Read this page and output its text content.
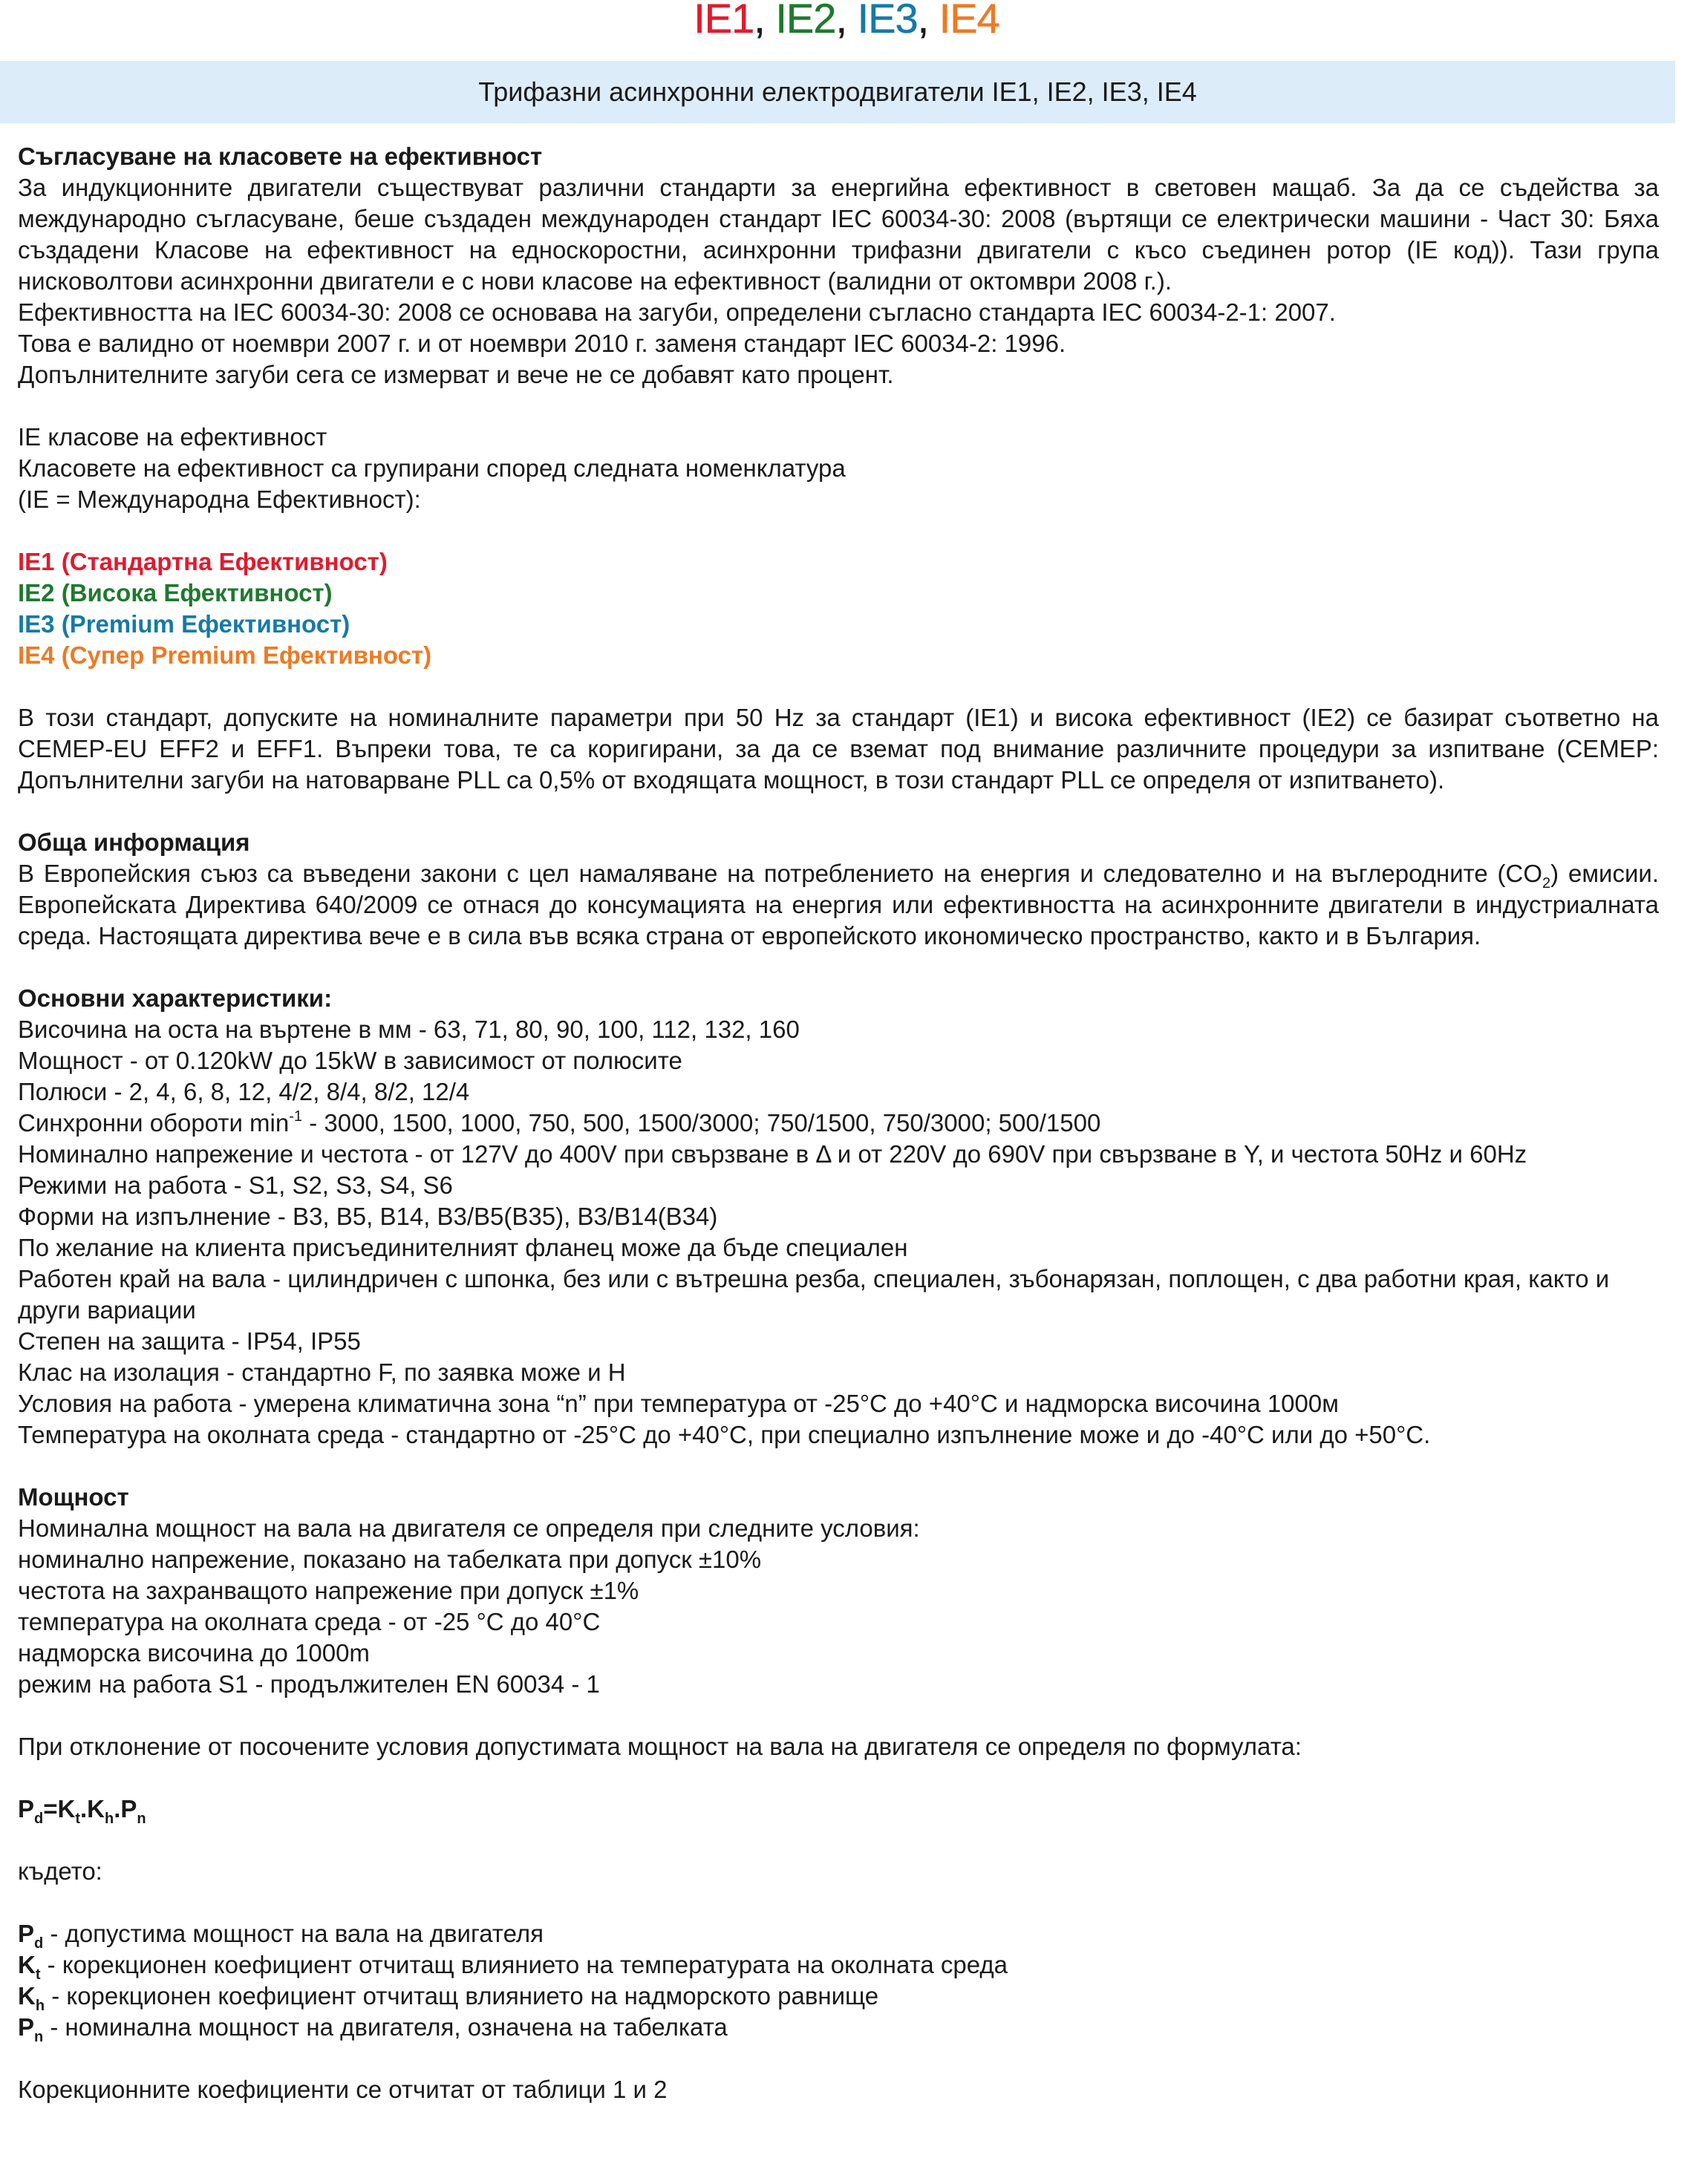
IE1, IE2, IE3, IE4
Трифазни асинхронни електродвигатели IE1, IE2, IE3, IE4

Съгласуване на класовете на ефективност

За индукционните двигатели съществуват различни стандарти за енергийна ефективност в световен мащаб. За да се съдейства за международно съгласуване, беше създаден международен стандарт IEC 60034-30: 2008 (въртящи се електрически машини - Част 30: Бяха създадени Класове на ефективност на едноскоростни, асинхронни трифазни двигатели с късо съединен ротор (IE код)). Тази група нисковолтови асинхронни двигатели е с нови класове на ефективност (валидни от октомври 2008 г.).

Ефективността на IEC 60034-30: 2008 се основава на загуби, определени съгласно стандарта IEC 60034-2-1: 2007.

Това е валидно от ноември 2007 г. и от ноември 2010 г. заменя стандарт IEC 60034-2: 1996.

Допълнителните загуби сега се измерват и вече не се добавят като процент.

IE класове на ефективност

Класовете на ефективност са групирани според следната номенклатура

(IE = Международна Ефективност):

IE1 (Стандартна Ефективност)

IE2 (Висока Ефективност)

IE3 (Premium Ефективност)

IE4 (Супер Premium Ефективност)

В този стандарт, допуските на номиналните параметри при 50 Hz за стандарт (IE1) и висока ефективност (IE2) се базират съответно на CEMEP-EU EFF2 и EFF1. Въпреки това, те са коригирани, за да се вземат под внимание различните процедури за изпитване (CEMEP: Допълнителни загуби на натоварване PLL са 0,5% от входящата мощност, в този стандарт PLL се определя от изпитването).

Обща информация

В Европейския съюз са въведени закони с цел намаляване на потреблението на енергия и следователно и на въглеродните $(CO_2)$ емисии. Европейската Директива 640/2009 се отнася до консумацията на енергия или ефективността на асинхронните двигатели в индустриалната среда. Настоящата директива вече е в сила във всяка страна от европейското икономическо пространство, както и в България.

Основни характеристики:

Височина на оста на въртене в мм - 63, 71, 80, 90, 100, 112, 132, 160

Мощност - от 0.120kW до 15kW в зависимост от полюсите

Полюси - 2, 4, 6, 8, 12, 4/2, 8/4, 8/2, 12/4

Синхронни обороти $\min^{-1} - 3000$, 1500, 1000, 750, 500, 1500/3000; 750/1500, 750/3000; 500/1500

Номинално напрежение и честота - от 127V до 400V при свързване в Δ и от 220V до 690V при свързване в Y, и честота 50Hz и 60Hz

Режими на работа - S1, S2, S3, S4, S6

Форми на изпълнение - B3, B5, B14, B3/B5(B35), B3/B14(B34)

По желание на клиента присъединителният фланец може да бъде специален

Работен край на вала - цилиндричен с шпонка, без или с вътрешна резба, специален, зъбонарязан, поплощен, с два работни края, както и други вариации

Степен на защита - IP54, IP55

Клас на изолация - стандартно F, по заявка може и H

Условия на работа - умерена климатична зона “n” при температура от -25°C до +40°C и надморска височина 1000м

Температура на околната среда - стандартно от -25°C до +40°C, при специално изпълнение може и до -40°C или до +50°C.

Мощност

Номинална мощност на вала на двигателя се определя при следните условия:

номинално напрежение, показано на табелката при допуск ±10%

честота на захранващото напрежение при допуск ±1%

температура на околната среда - от -25 °C до 40°C

надморска височина до 1000m

режим на работа S1 - продължителен EN 60034 - 1

При отклонение от посочените условия допустимата мощност на вала на двигателя се определя по формулата:

$P_d=K_t.K_h.P_n$

където:

$P_d$ - допустима мощност на вала на двигателя

$K_t$ - корекционен коефициент отчитащ влиянието на температурата на околната среда

$K_h$ - корекционен коефициент отчитащ влиянието на надморското равнище

$P_n$ - номинална мощност на двигателя, означена на табелката

Корекционните коефициенти се отчитат от таблици 1 и 2
